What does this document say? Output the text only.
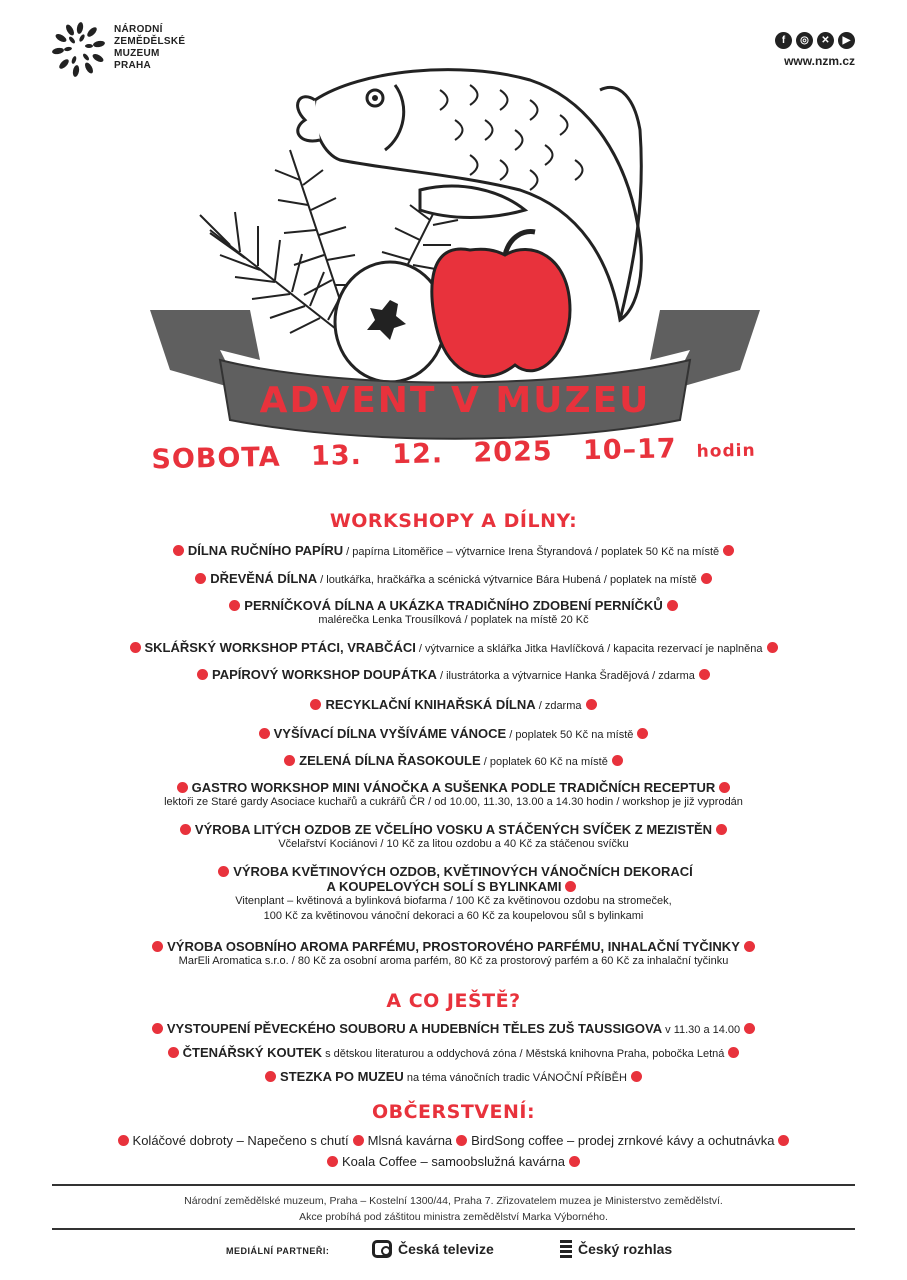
NÁRODNÍ
ZEMĚDĚLSKÉ
MUZEUM
PRAHA
f	◎	✕	▶
www.nzm.cz
ADVENT V MUZEU
SOBOTA 13. 12. 2025 10–17 hodin
WORKSHOPY A DÍLNY:
DÍLNA RUČNÍHO PAPÍRU / papírna Litoměřice – výtvarnice Irena Štyrandová / poplatek 50 Kč na místě
DŘEVĚNÁ DÍLNA / loutkářka, hračkářka a scénická výtvarnice Bára Hubená / poplatek na místě
PERNÍČKOVÁ DÍLNA A UKÁZKA TRADIČNÍHO ZDOBENÍ PERNÍČKŮ
malérečka Lenka Trousílková / poplatek na místě 20 Kč
SKLÁŘSKÝ WORKSHOP PTÁCI, VRABČÁCI / výtvarnice a sklářka Jitka Havlíčková / kapacita rezervací je naplněna
PAPÍROVÝ WORKSHOP DOUPÁTKA / ilustrátorka a výtvarnice Hanka Šradějová / zdarma
RECYKLAČNÍ KNIHAŘSKÁ DÍLNA / zdarma
VYŠÍVACÍ DÍLNA VYŠÍVÁME VÁNOCE / poplatek 50 Kč na místě
ZELENÁ DÍLNA ŘASOKOULE / poplatek 60 Kč na místě
GASTRO WORKSHOP MINI VÁNOČKA A SUŠENKA PODLE TRADIČNÍCH RECEPTUR
lektoři ze Staré gardy Asociace kuchařů a cukrářů ČR / od 10.00, 11.30, 13.00 a 14.30 hodin / workshop je již vyprodán
VÝROBA LITÝCH OZDOB ZE VČELÍHO VOSKU A STÁČENÝCH SVÍČEK Z MEZISTĚN
Včelařství Kociánovi / 10 Kč za litou ozdobu a 40 Kč za stáčenou svíčku
VÝROBA KVĚTINOVÝCH OZDOB, KVĚTINOVÝCH VÁNOČNÍCH DEKORACÍ
A KOUPELOVÝCH SOLÍ S BYLINKAMI
Vitenplant – květinová a bylinková biofarma / 100 Kč za květinovou ozdobu na stromeček,
100 Kč za květinovou vánoční dekoraci a 60 Kč za koupelovou sůl s bylinkami
VÝROBA OSOBNÍHO AROMA PARFÉMU, PROSTOROVÉHO PARFÉMU, INHALAČNÍ TYČINKY
MarEli Aromatica s.r.o. / 80 Kč za osobní aroma parfém, 80 Kč za prostorový parfém a 60 Kč za inhalační tyčinku
A CO JEŠTĚ?
VYSTOUPENÍ PĚVECKÉHO SOUBORU A HUDEBNÍCH TĚLES ZUŠ TAUSSIGOVA v 11.30 a 14.00
ČTENÁŘSKÝ KOUTEK s dětskou literaturou a oddychová zóna / Městská knihovna Praha, pobočka Letná
STEZKA PO MUZEU na téma vánočních tradic VÁNOČNÍ PŘÍBĚH
OBČERSTVENÍ:
Koláčové dobroty – Napečeno s chutí Mlsná kavárna BirdSong coffee – prodej zrnkové kávy a ochutnávka
Koala Coffee – samoobslužná kavárna
Národní zemědělské muzeum, Praha – Kostelní 1300/44, Praha 7. Zřizovatelem muzea je Ministerstvo zemědělství.
Akce probíhá pod záštitou ministra zemědělství Marka Výborného.
MEDIÁLNÍ PARTNEŘI:	Česká televize	Český rozhlas
